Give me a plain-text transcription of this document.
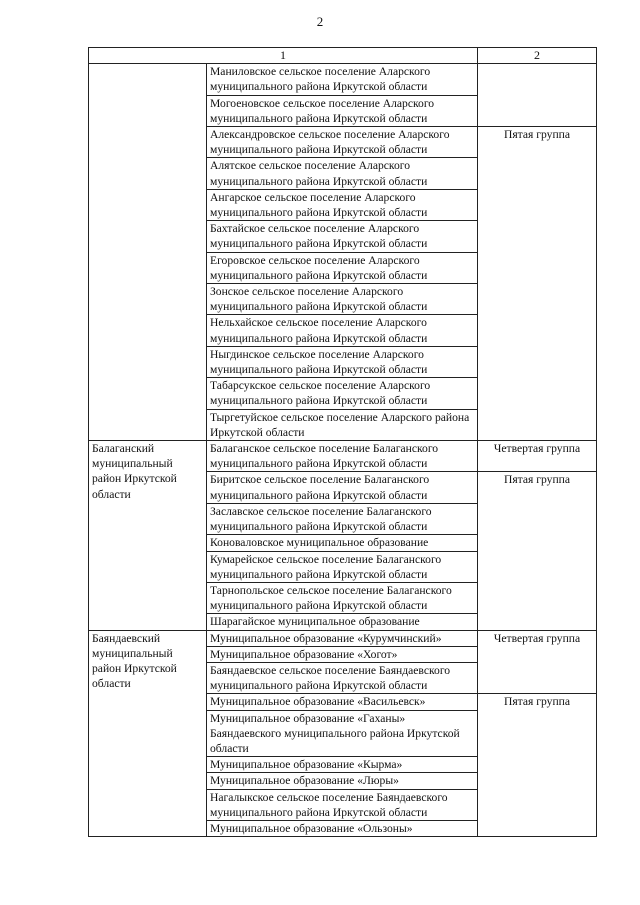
2
1		2
	Маниловское сельское поселение Аларского муниципального района Иркутской области	
	Могоеновское сельское поселение Аларского муниципального района Иркутской области	
	Александровское сельское поселение Аларского муниципального района Иркутской области	Пятая группа
	Алятское сельское поселение Аларского муниципального района Иркутской области	
	Ангарское сельское поселение Аларского муниципального района Иркутской области	
	Бахтайское сельское поселение Аларского муниципального района Иркутской области	
	Егоровское сельское поселение Аларского муниципального района Иркутской области	
	Зонское сельское поселение Аларского муниципального района Иркутской области	
	Нельхайское сельское поселение Аларского муниципального района Иркутской области	
	Ныгдинское сельское поселение Аларского муниципального района Иркутской области	
	Табарсукское сельское поселение Аларского муниципального района Иркутской области	
	Тыргетуйское сельское поселение Аларского района Иркутской области	
Балаганский муниципальный район Иркутской области	Балаганское сельское поселение Балаганского муниципального района Иркутской области	Четвертая группа
	Биритское сельское поселение Балаганского муниципального района Иркутской области	Пятая группа
	Заславское сельское поселение Балаганского муниципального района Иркутской области	
	Коноваловское муниципальное образование	
	Кумарейское сельское поселение Балаганского муниципального района Иркутской области	
	Тарнопольское сельское поселение Балаганского муниципального района Иркутской области	
	Шарагайское муниципальное образование	
Баяндаевский муниципальный район Иркутской области	Муниципальное образование «Курумчинский»	Четвертая группа
	Муниципальное образование «Хогот»	
	Баяндаевское сельское поселение Баяндаевского муниципального района Иркутской области	
	Муниципальное образование «Васильевск»	Пятая группа
	Муниципальное образование «Гаханы» Баяндаевского муниципального района Иркутской области	
	Муниципальное образование «Кырма»	
	Муниципальное образование «Люры»	
	Нагалыкское сельское поселение Баяндаевского муниципального района Иркутской области	
	Муниципальное образование «Ользоны»	
